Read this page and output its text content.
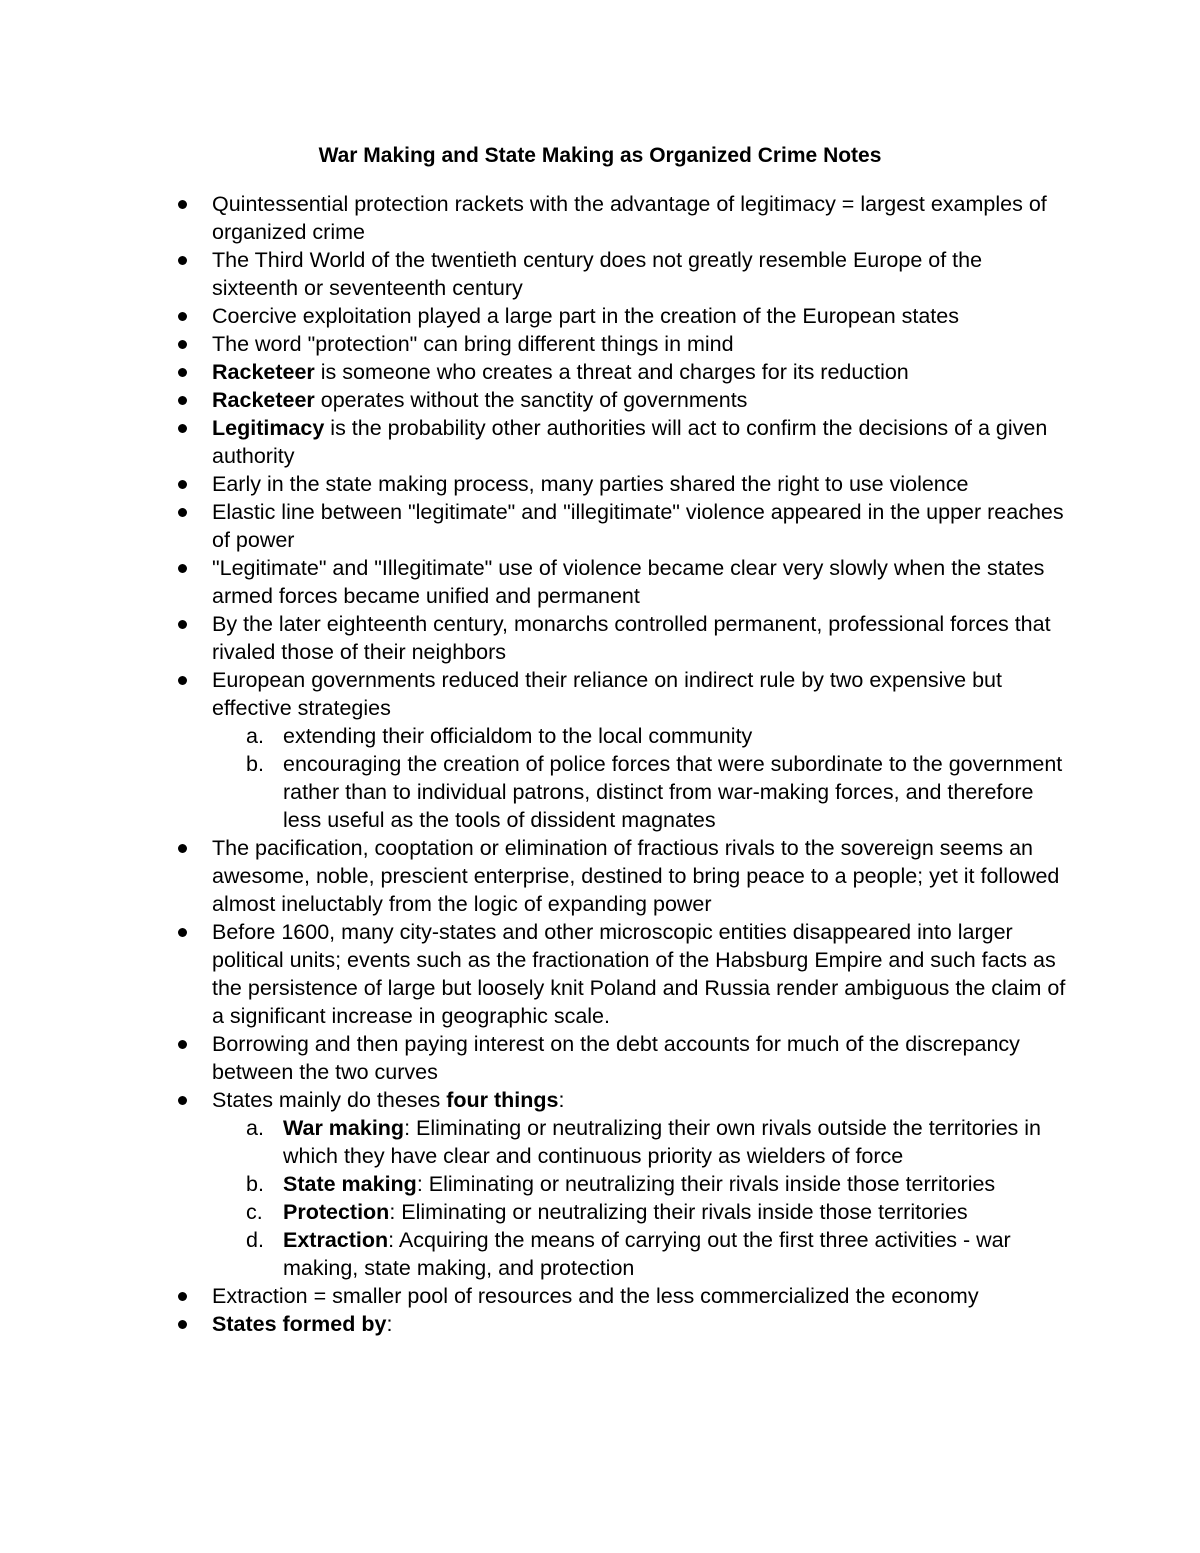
War Making and State Making as Organized Crime Notes
Quintessential protection rackets with the advantage of legitimacy = largest examples of organized crime
The Third World of the twentieth century does not greatly resemble Europe of the sixteenth or seventeenth century
Coercive exploitation played a large part in the creation of the European states
The word "protection" can bring different things in mind
Racketeer is someone who creates a threat and charges for its reduction
Racketeer operates without the sanctity of governments
Legitimacy is the probability other authorities will act to confirm the decisions of a given authority
Early in the state making process, many parties shared the right to use violence
Elastic line between "legitimate" and "illegitimate" violence appeared in the upper reaches of power
"Legitimate" and "Illegitimate" use of violence became clear very slowly when the states armed forces became unified and permanent
By the later eighteenth century, monarchs controlled permanent, professional forces that rivaled those of their neighbors
European governments reduced their reliance on indirect rule by two expensive but effective strategies
a. extending their officialdom to the local community
b. encouraging the creation of police forces that were subordinate to the government rather than to individual patrons, distinct from war-making forces, and therefore less useful as the tools of dissident magnates
The pacification, cooptation or elimination of fractious rivals to the sovereign seems an awesome, noble, prescient enterprise, destined to bring peace to a people; yet it followed almost ineluctably from the logic of expanding power
Before 1600, many city-states and other microscopic entities disappeared into larger political units; events such as the fractionation of the Habsburg Empire and such facts as the persistence of large but loosely knit Poland and Russia render ambiguous the claim of a significant increase in geographic scale.
Borrowing and then paying interest on the debt accounts for much of the discrepancy between the two curves
States mainly do theses four things:
a. War making: Eliminating or neutralizing their own rivals outside the territories in which they have clear and continuous priority as wielders of force
b. State making: Eliminating or neutralizing their rivals inside those territories
c. Protection: Eliminating or neutralizing their rivals inside those territories
d. Extraction: Acquiring the means of carrying out the first three activities - war making, state making, and protection
Extraction = smaller pool of resources and the less commercialized the economy
States formed by:
